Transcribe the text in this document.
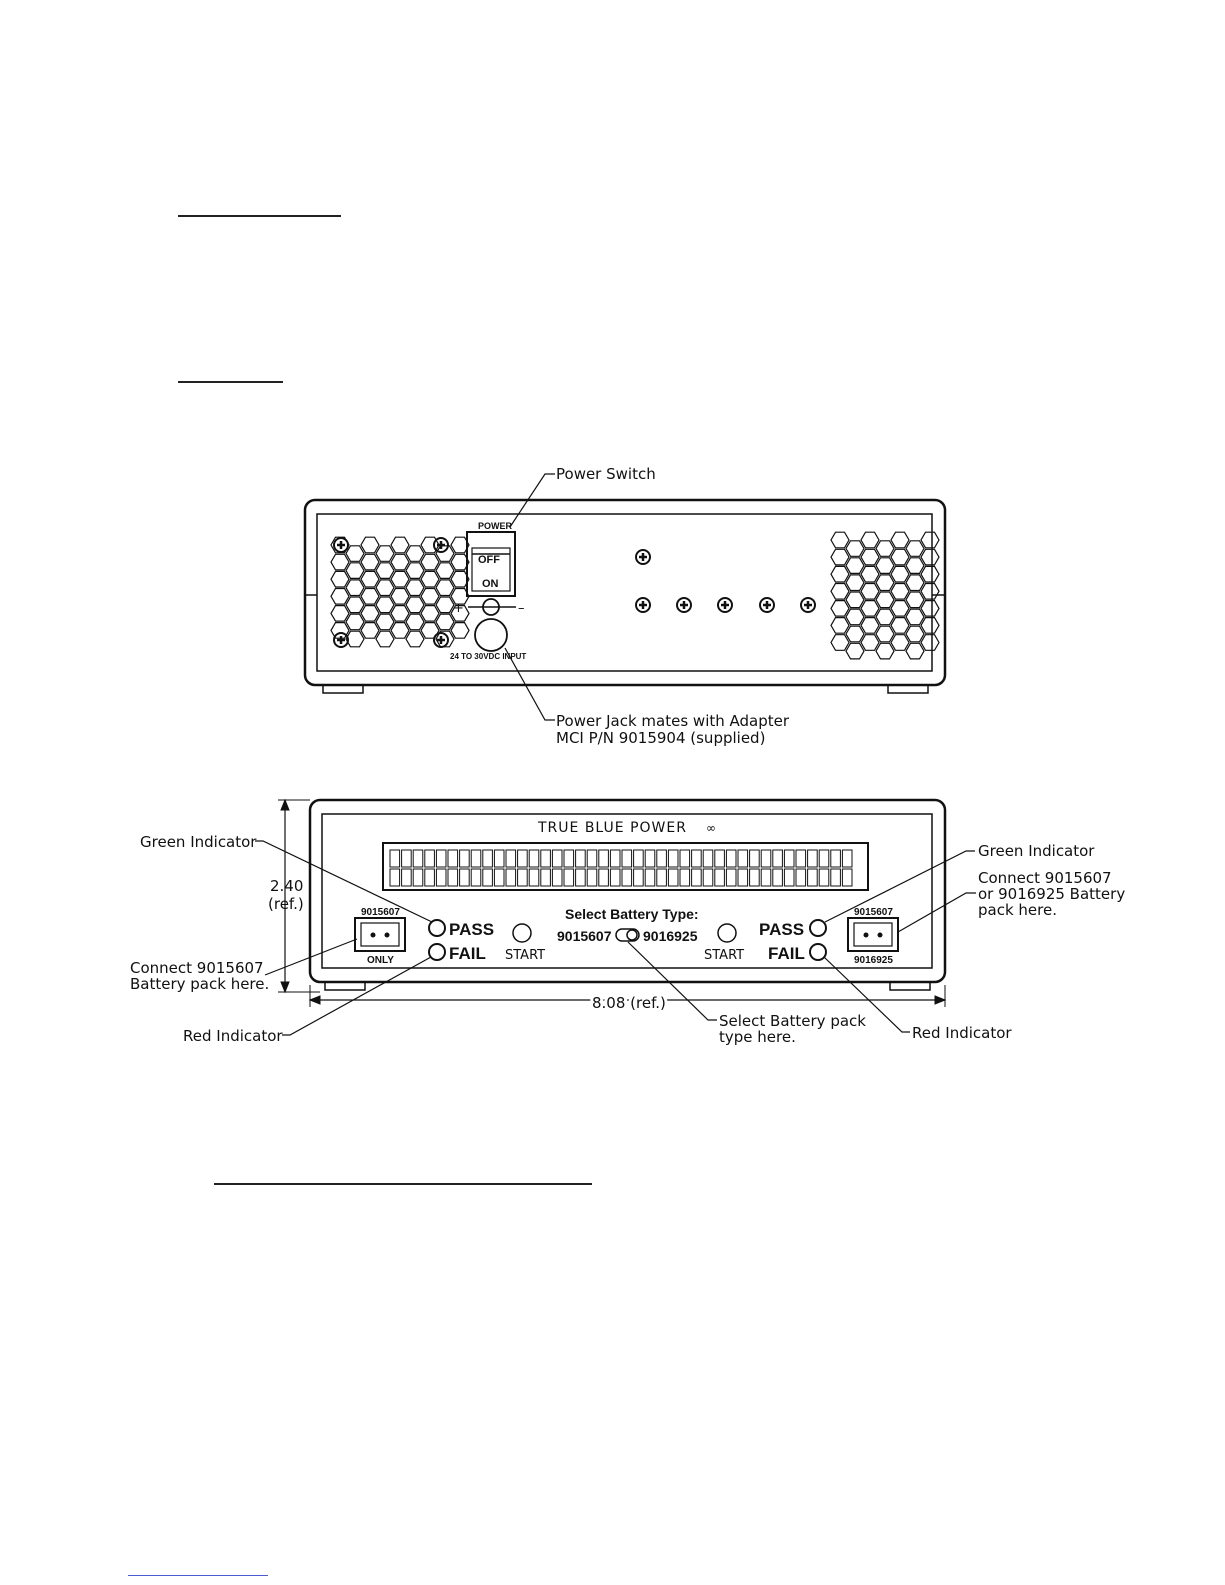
POWER
OFF
ON
+	–
24 TO 30VDC INPUT
Power Switch
Power Jack mates with Adapter
MCI P/N 9015904 (supplied)
TRUE BLUE POWER ∞
Select Battery Type:
9015607 9016925
PASS
FAIL
PASS
FAIL
START	START
9015607
ONLY
9015607
9016925
Green Indicator	Green Indicator
Connect 9015607
Battery pack here.
Connect 9015607
or 9016925 Battery
pack here.
Red Indicator	Red Indicator
Select Battery pack
type here.
2.40
(ref.)
8.08 (ref.)
